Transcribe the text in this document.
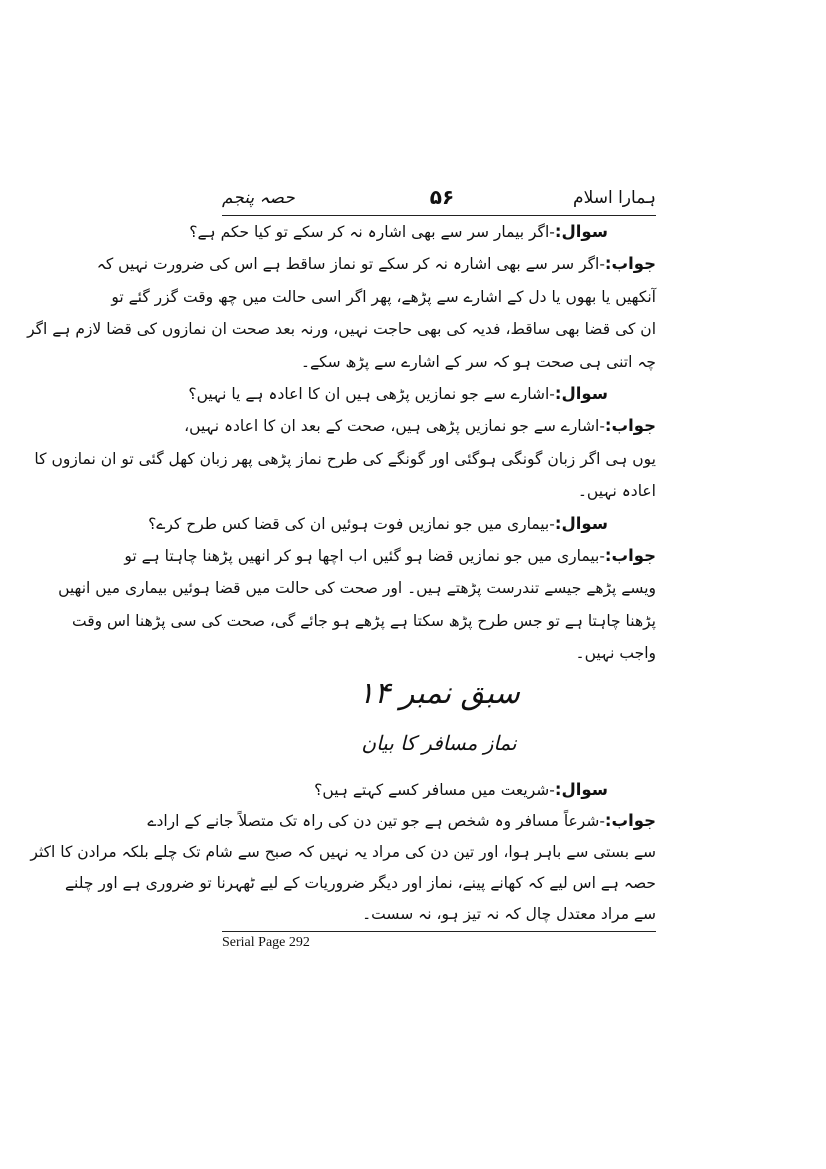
ہمارا اسلام
۵۶
حصہ پنجم
سوال:-اگر بیمار سر سے بھی اشارہ نہ کر سکے تو کیا حکم ہے؟
جواب:-اگر سر سے بھی اشارہ نہ کر سکے تو نماز ساقط ہے اس کی ضرورت نہیں کہ
آنکھیں یا بھوں یا دل کے اشارے سے پڑھے، پھر اگر اسی حالت میں چھ وقت گزر گئے تو
ان کی قضا بھی ساقط، فدیہ کی بھی حاجت نہیں، ورنہ بعد صحت ان نمازوں کی قضا لازم ہے اگر
چہ اتنی ہی صحت ہو کہ سر کے اشارے سے پڑھ سکے۔
سوال:-اشارے سے جو نمازیں پڑھی ہیں ان کا اعادہ ہے یا نہیں؟
جواب:-اشارے سے جو نمازیں پڑھی ہیں، صحت کے بعد ان کا اعادہ نہیں،
یوں ہی اگر زبان گونگی ہوگئی اور گونگے کی طرح نماز پڑھی پھر زبان کھل گئی تو ان نمازوں کا
اعادہ نہیں۔
سوال:-بیماری میں جو نمازیں فوت ہوئیں ان کی قضا کس طرح کرے؟
جواب:-بیماری میں جو نمازیں قضا ہو گئیں اب اچھا ہو کر انھیں پڑھنا چاہتا ہے تو
ویسے پڑھے جیسے تندرست پڑھتے ہیں۔ اور صحت کی حالت میں قضا ہوئیں بیماری میں انھیں
پڑھنا چاہتا ہے تو جس طرح پڑھ سکتا ہے پڑھے ہو جائے گی، صحت کی سی پڑھنا اس وقت
واجب نہیں۔
سبق نمبر ۱۴
نماز مسافر کا بیان
سوال:-شریعت میں مسافر کسے کہتے ہیں؟
جواب:-شرعاً مسافر وہ شخص ہے جو تین دن کی راہ تک متصلاً جانے کے ارادے
سے بستی سے باہر ہوا، اور تین دن کی مراد یہ نہیں کہ صبح سے شام تک چلے بلکہ مرادن کا اکثر
حصہ ہے اس لیے کہ کھانے پینے، نماز اور دیگر ضروریات کے لیے ٹھہرنا تو ضروری ہے اور چلنے
سے مراد معتدل چال کہ نہ تیز ہو، نہ سست۔
Serial Page 292
